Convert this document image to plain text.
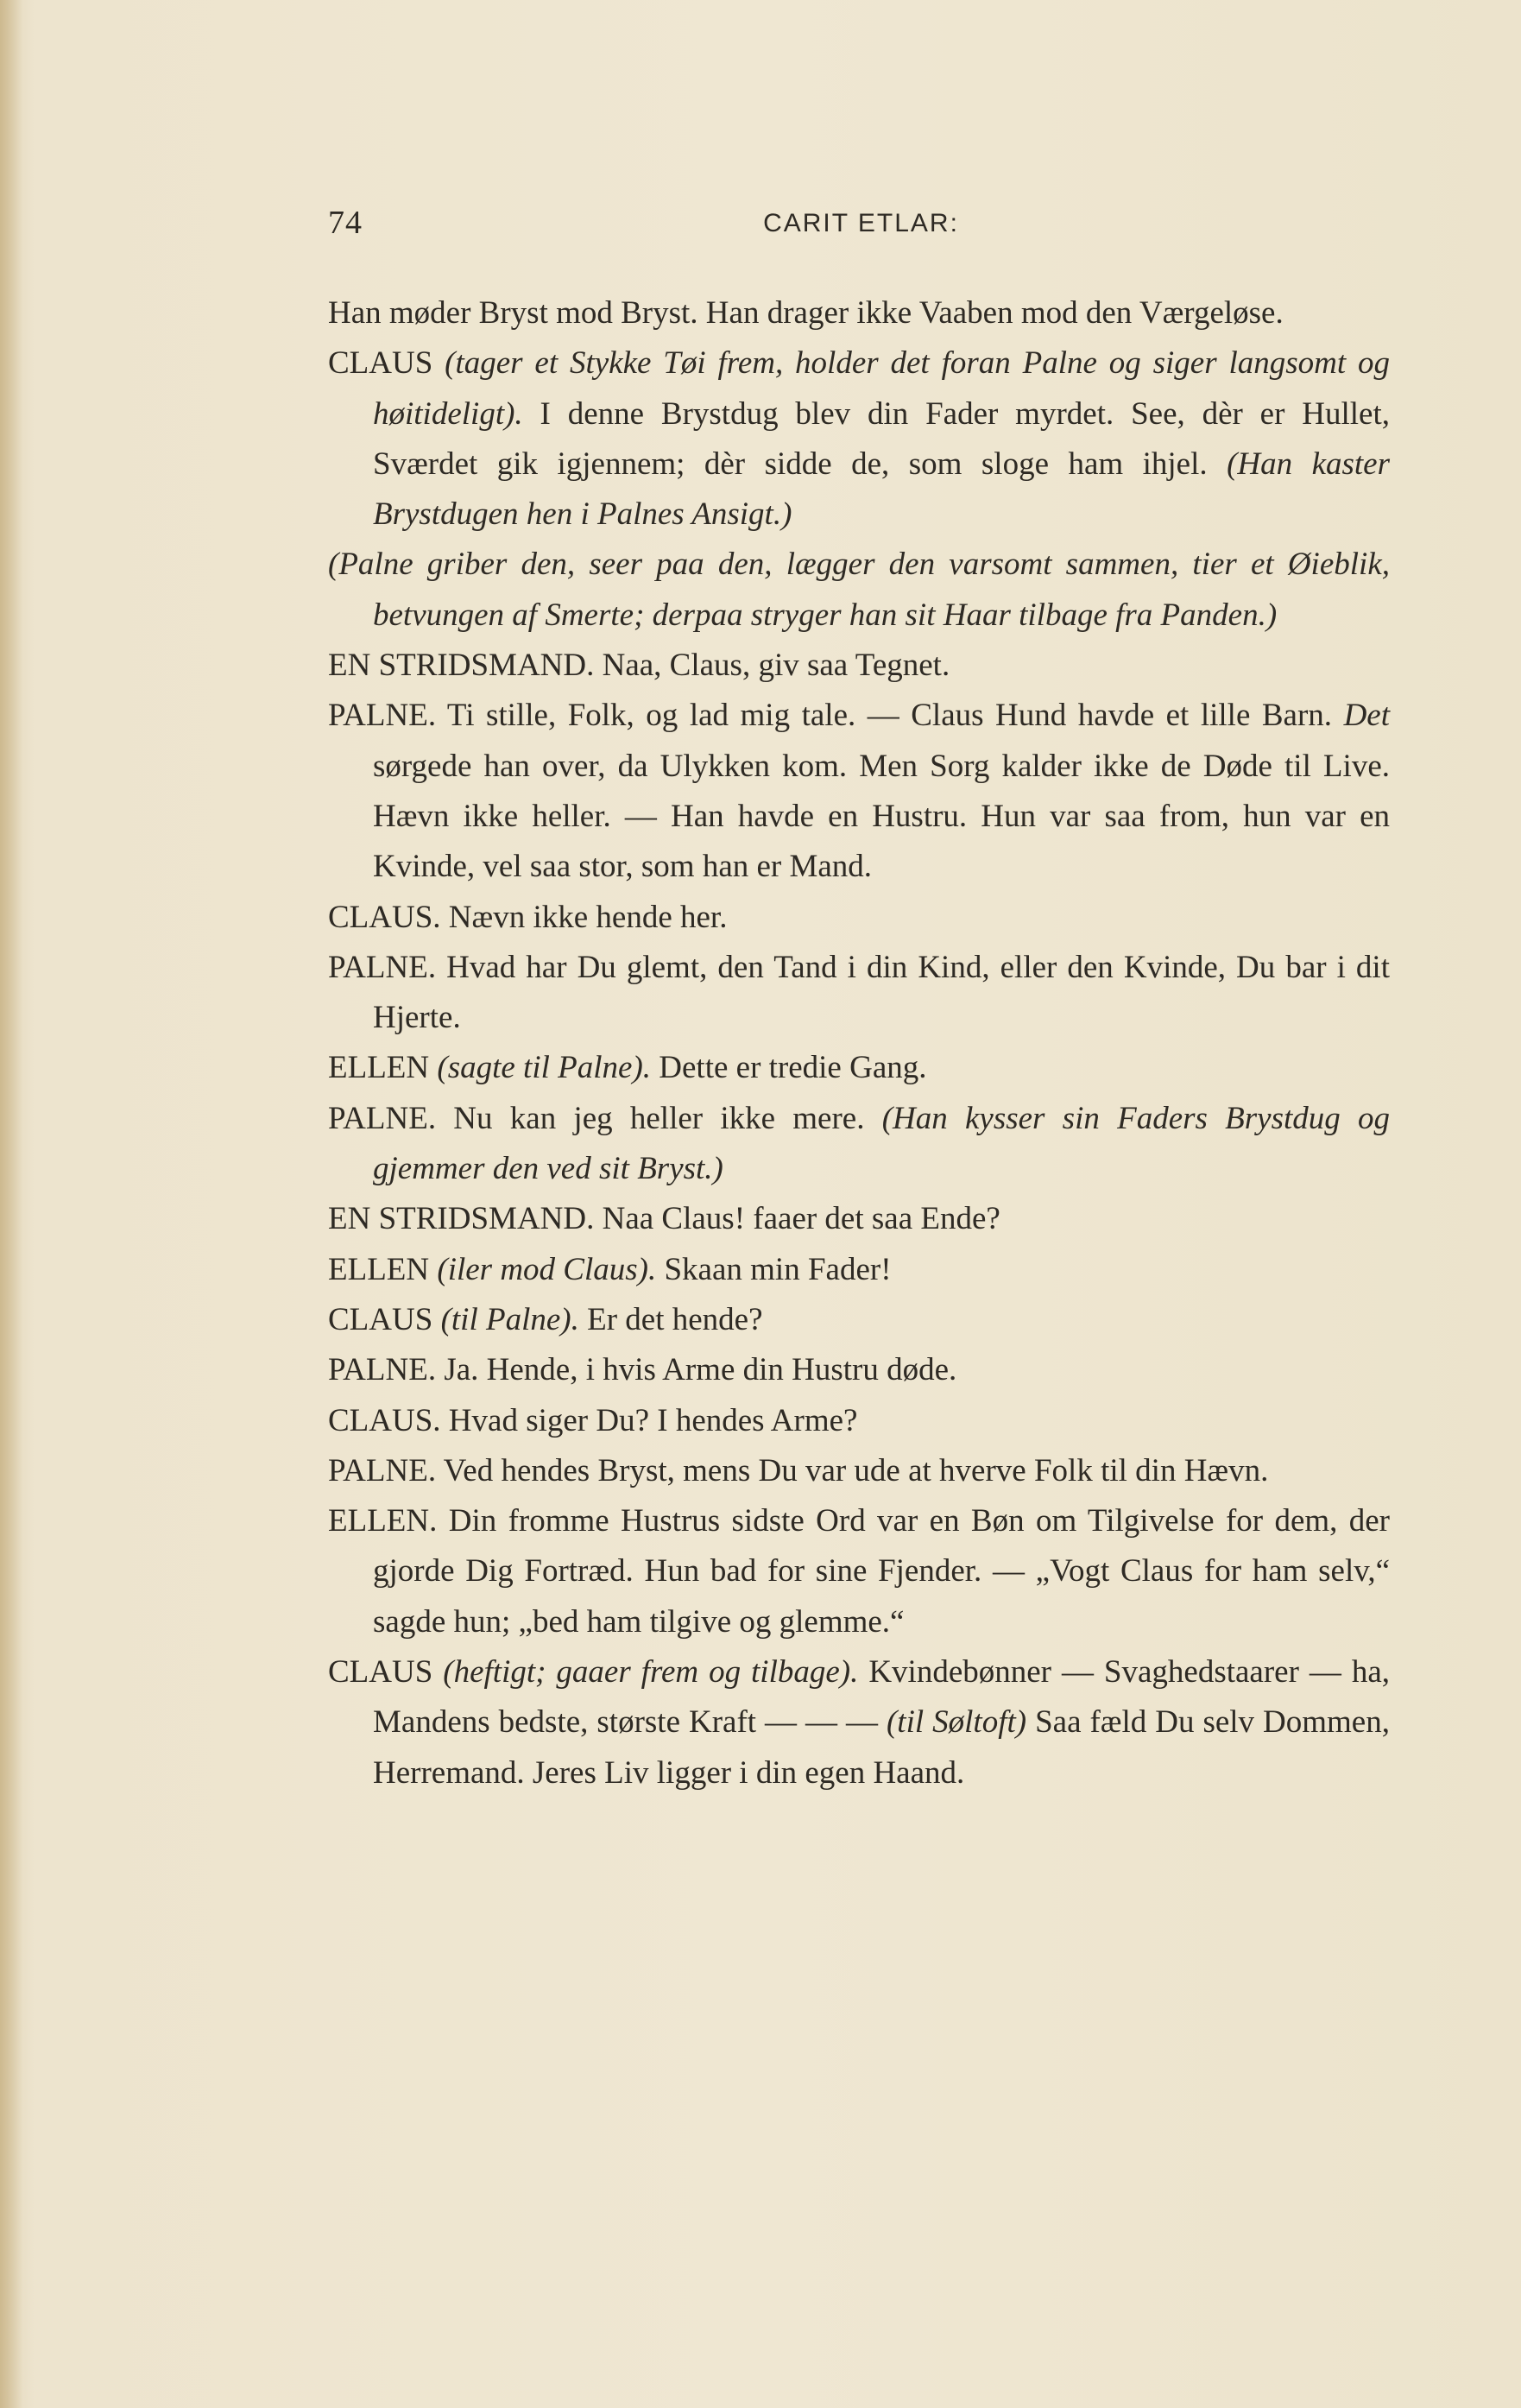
74	CARIT ETLAR:

Han møder Bryst mod Bryst. Han drager ikke Vaaben mod den Værgeløse.

CLAUS (tager et Stykke Tøi frem, holder det foran Palne og siger langsomt og høitideligt). I denne Brystdug blev din Fader myrdet. See, dèr er Hullet, Sværdet gik igjennem; dèr sidde de, som sloge ham ihjel. (Han kaster Brystdugen hen i Palnes Ansigt.)

(Palne griber den, seer paa den, lægger den varsomt sammen, tier et Øieblik, betvungen af Smerte; derpaa stryger han sit Haar tilbage fra Panden.)

EN STRIDSMAND. Naa, Claus, giv saa Tegnet.

PALNE. Ti stille, Folk, og lad mig tale. — Claus Hund havde et lille Barn. Det sørgede han over, da Ulykken kom. Men Sorg kalder ikke de Døde til Live. Hævn ikke heller. — Han havde en Hustru. Hun var saa from, hun var en Kvinde, vel saa stor, som han er Mand.

CLAUS. Nævn ikke hende her.

PALNE. Hvad har Du glemt, den Tand i din Kind, eller den Kvinde, Du bar i dit Hjerte.

ELLEN (sagte til Palne). Dette er tredie Gang.

PALNE. Nu kan jeg heller ikke mere. (Han kysser sin Faders Brystdug og gjemmer den ved sit Bryst.)

EN STRIDSMAND. Naa Claus! faaer det saa Ende?

ELLEN (iler mod Claus). Skaan min Fader!

CLAUS (til Palne). Er det hende?

PALNE. Ja. Hende, i hvis Arme din Hustru døde.

CLAUS. Hvad siger Du? I hendes Arme?

PALNE. Ved hendes Bryst, mens Du var ude at hverve Folk til din Hævn.

ELLEN. Din fromme Hustrus sidste Ord var en Bøn om Tilgivelse for dem, der gjorde Dig Fortræd. Hun bad for sine Fjender. — „Vogt Claus for ham selv,“ sagde hun; „bed ham tilgive og glemme.“

CLAUS (heftigt; gaaer frem og tilbage). Kvindebønner — Svaghedstaarer — ha, Mandens bedste, største Kraft — — — (til Søltoft) Saa fæld Du selv Dommen, Herremand. Jeres Liv ligger i din egen Haand.
